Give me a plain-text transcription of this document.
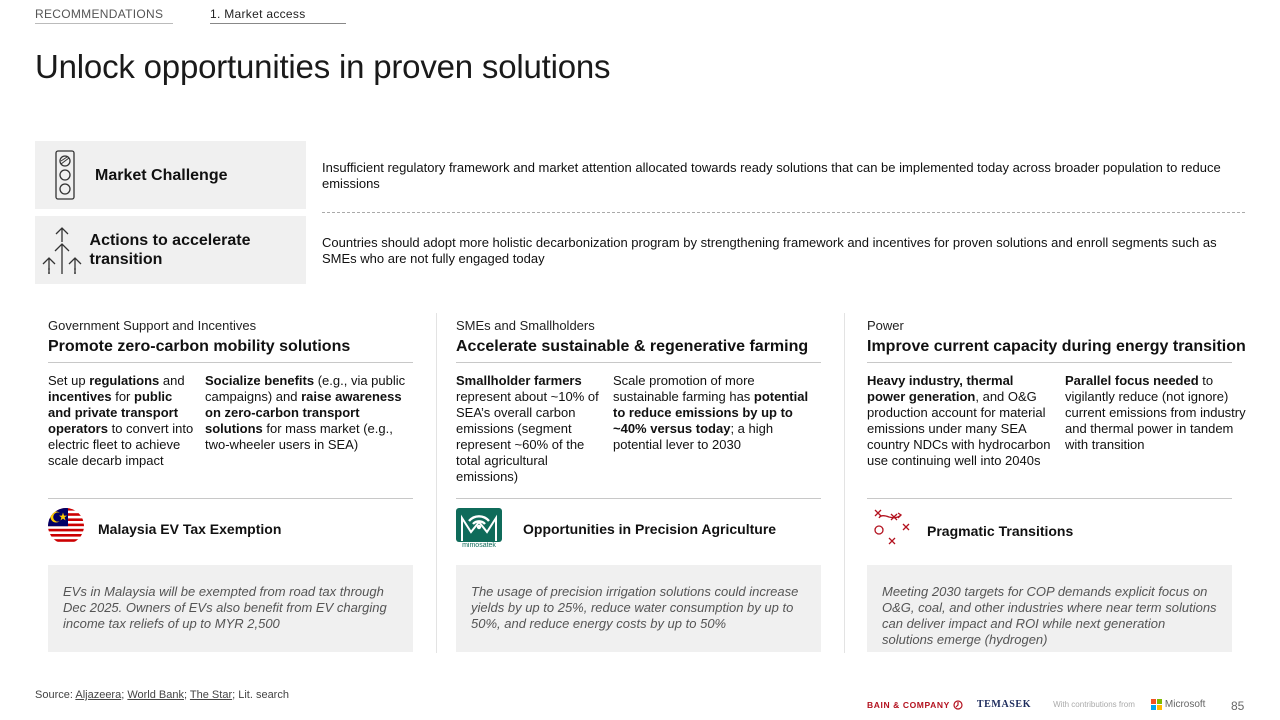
RECOMMENDATIONS	1. Market access
Unlock opportunities in proven solutions
Market Challenge
Actions to accelerate transition
Insufficient regulatory framework and market attention allocated towards ready solutions that can be implemented today across broader population to reduce emissions
Countries should adopt more holistic decarbonization program by strengthening framework and incentives for proven solutions and enroll segments such as SMEs who are not fully engaged today
Government Support and Incentives
Promote zero-carbon mobility solutions
Set up regulations and incentives for public and private transport operators to convert into electric fleet to achieve scale decarb impact
Socialize benefits (e.g., via public campaigns) and raise awareness on zero-carbon transport solutions for mass market (e.g., two-wheeler users in SEA)
Malaysia EV Tax Exemption
EVs in Malaysia will be exempted from road tax through Dec 2025. Owners of EVs also benefit from EV charging income tax reliefs of up to MYR 2,500
SMEs and Smallholders
Accelerate sustainable & regenerative farming
Smallholder farmers represent about ~10% of SEA’s overall carbon emissions (segment represent ~60% of the total agricultural emissions)
Scale promotion of more sustainable farming has potential to reduce emissions by up to ~40% versus today; a high potential lever to 2030
mimosatek
Opportunities in Precision Agriculture
The usage of precision irrigation solutions could increase yields by up to 25%, reduce water consumption by up to 50%, and reduce energy costs by up to 50%
Power
Improve current capacity during energy transition
Heavy industry, thermal power generation, and O&G production account for material emissions under many SEA country NDCs with hydrocarbon use continuing well into 2040s
Parallel focus needed to vigilantly reduce (not ignore) current emissions from industry and thermal power in tandem with transition
Pragmatic Transitions
Meeting 2030 targets for COP demands explicit focus on O&G, coal, and other industries where near term solutions can deliver impact and ROI while next generation solutions emerge (hydrogen)
Source: Aljazeera; World Bank; The Star; Lit. search
BAIN & COMPANY	TEMASEK	With contributions from	Microsoft 85
